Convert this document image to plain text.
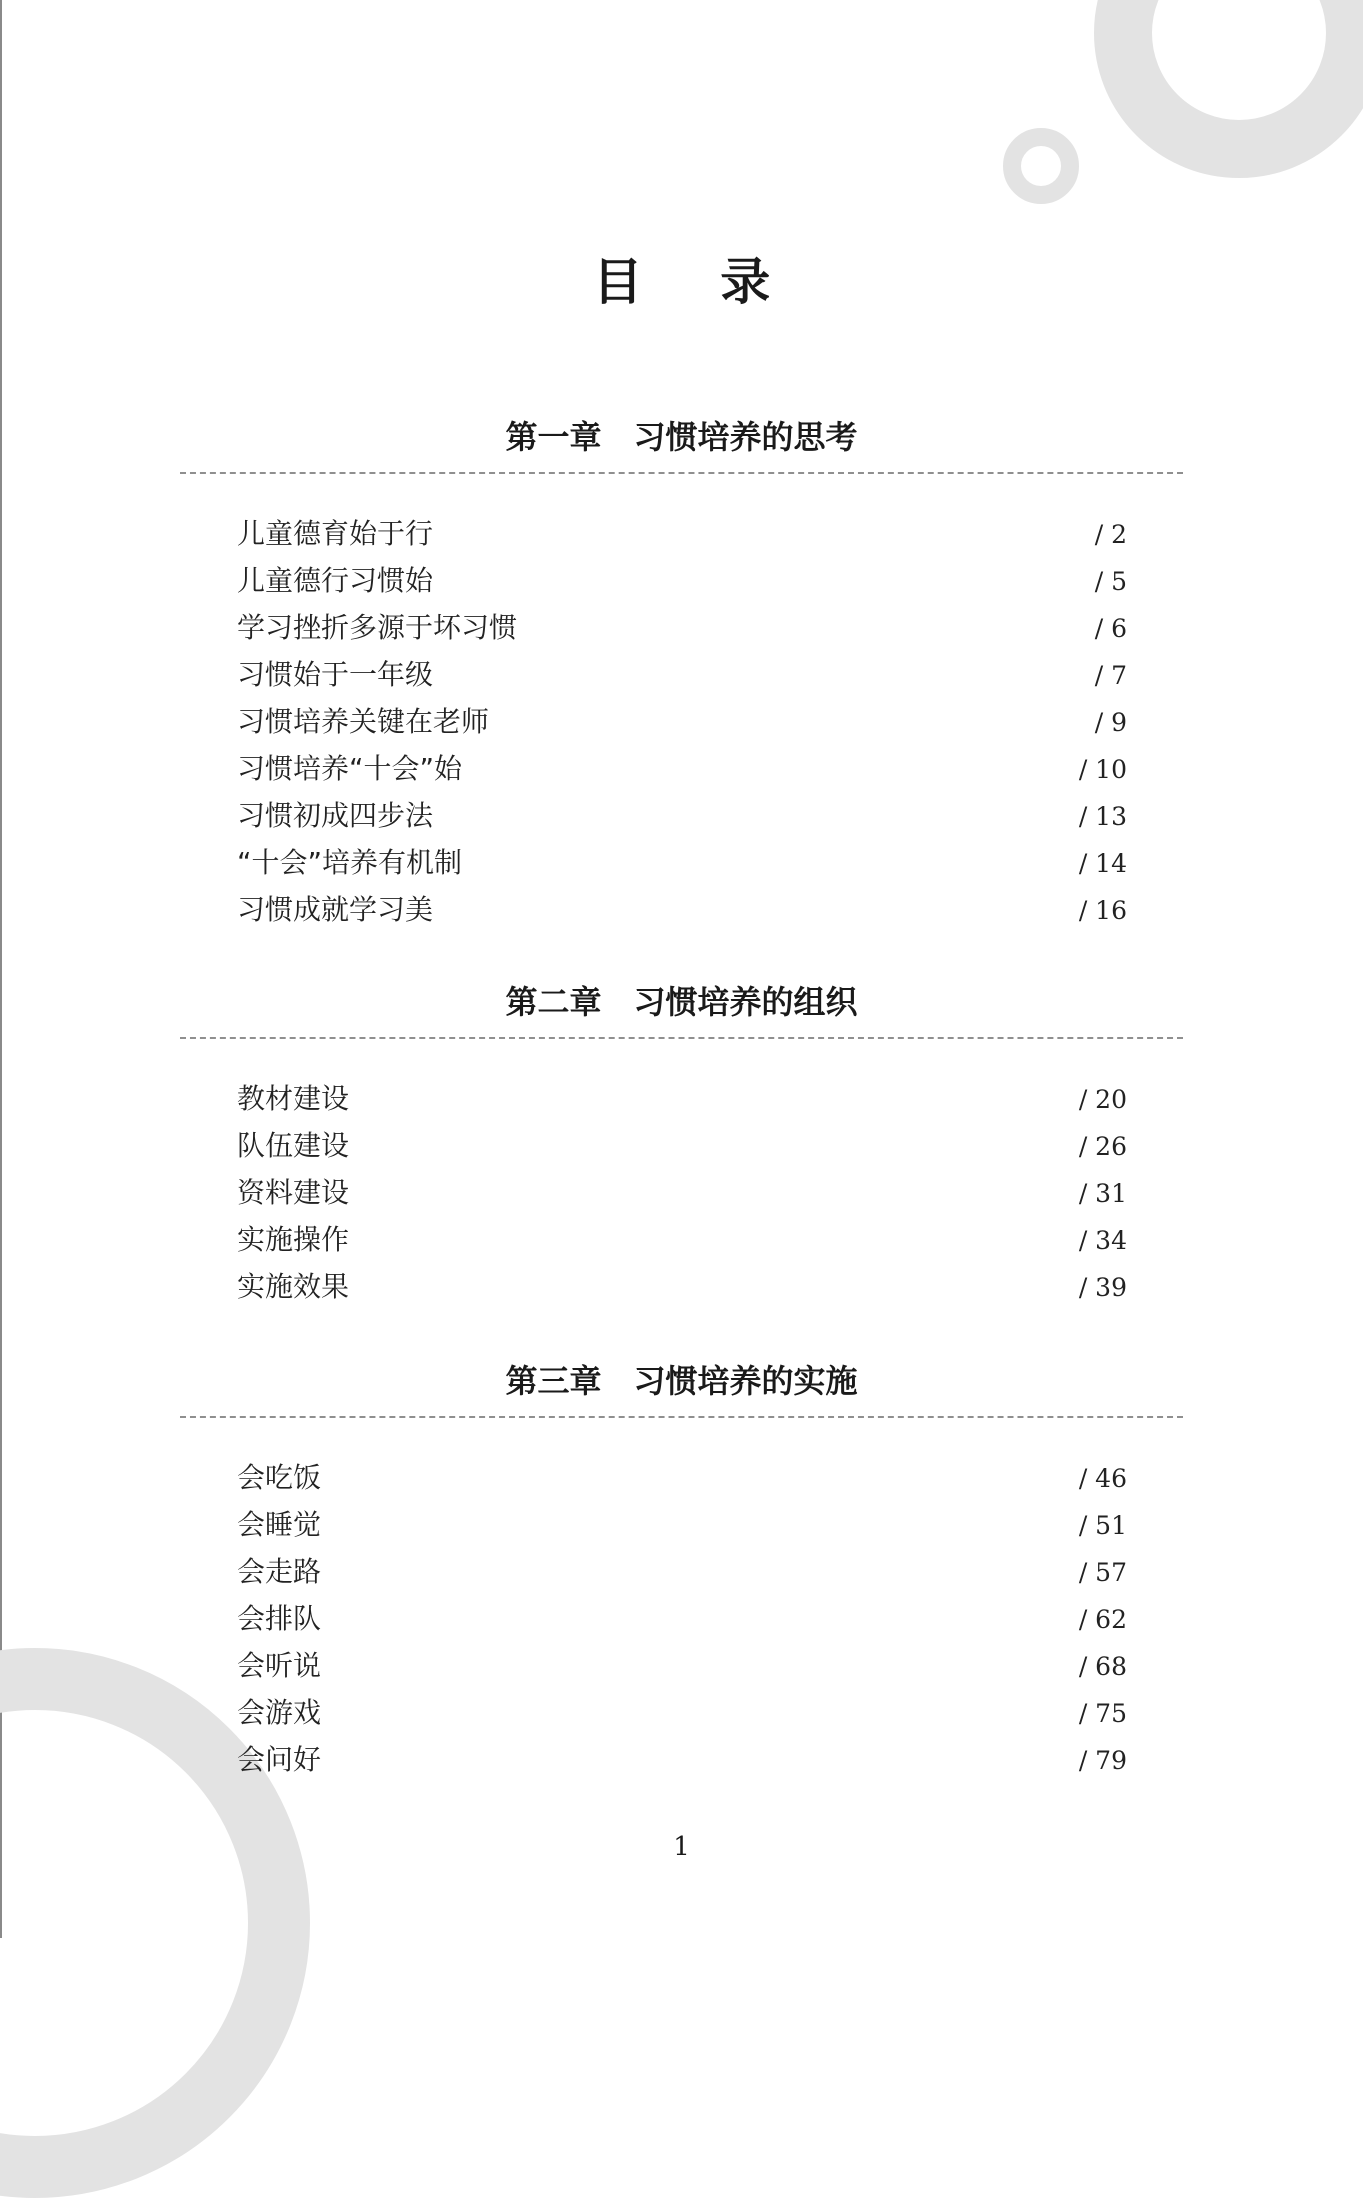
目 录
第一章　习惯培养的思考
儿童德育始于行	/ 2
儿童德行习惯始	/ 5
学习挫折多源于坏习惯	/ 6
习惯始于一年级	/ 7
习惯培养关键在老师	/ 9
习惯培养“十会”始	/ 10
习惯初成四步法	/ 13
“十会”培养有机制	/ 14
习惯成就学习美	/ 16
第二章　习惯培养的组织
教材建设	/ 20
队伍建设	/ 26
资料建设	/ 31
实施操作	/ 34
实施效果	/ 39
第三章　习惯培养的实施
会吃饭	/ 46
会睡觉	/ 51
会走路	/ 57
会排队	/ 62
会听说	/ 68
会游戏	/ 75
会问好	/ 79
1
